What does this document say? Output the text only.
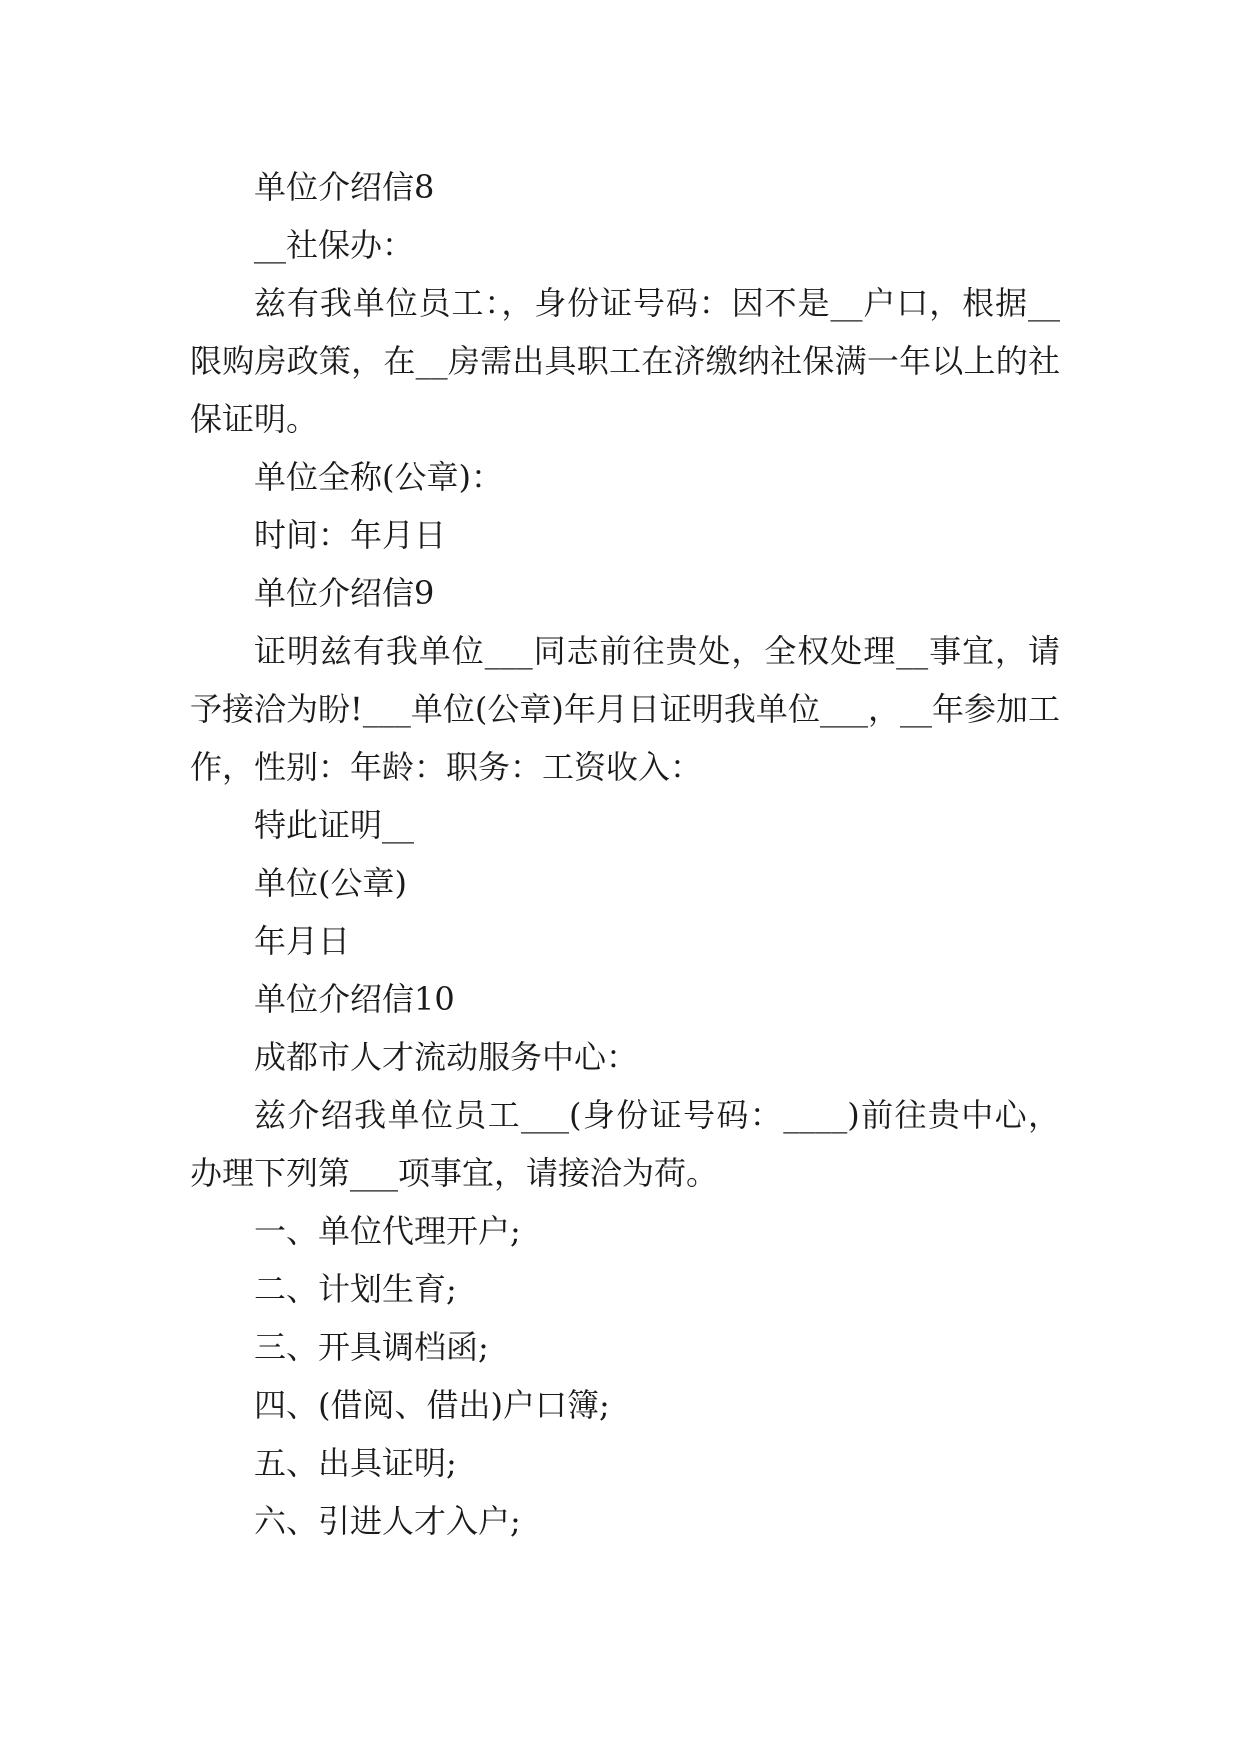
单位介绍信8

__社保办：

兹有我单位员工：，身份证号码：因不是__户口，根据__限购房政策，在__房需出具职工在济缴纳社保满一年以上的社保证明。

单位全称(公章)：

时间：年月日

单位介绍信9

证明兹有我单位___同志前往贵处，全权处理__事宜，请予接洽为盼!___单位(公章)年月日证明我单位___，__年参加工作，性别：年龄：职务：工资收入：

特此证明__

单位(公章)

年月日

单位介绍信10

成都市人才流动服务中心：

兹介绍我单位员工___(身份证号码：____)前往贵中心，办理下列第___项事宜，请接洽为荷。

一、单位代理开户;

二、计划生育;

三、开具调档函;

四、(借阅、借出)户口簿;

五、出具证明;

六、引进人才入户;
